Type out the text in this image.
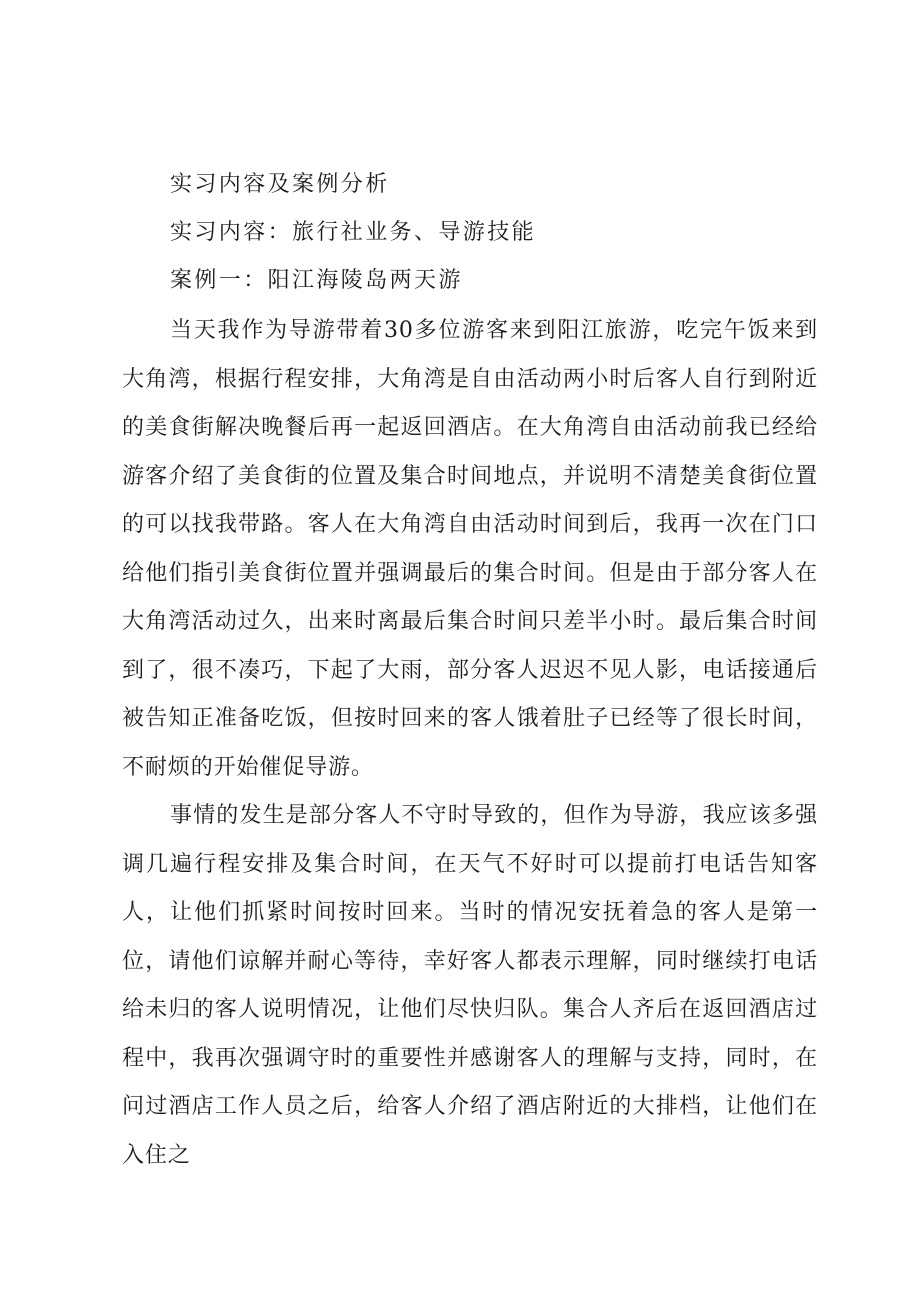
实习内容及案例分析
实习内容：旅行社业务、导游技能
案例一：阳江海陵岛两天游

当天我作为导游带着30多位游客来到阳江旅游，吃完午饭来到大角湾，根据行程安排，大角湾是自由活动两小时后客人自行到附近的美食街解决晚餐后再一起返回酒店。在大角湾自由活动前我已经给游客介绍了美食街的位置及集合时间地点，并说明不清楚美食街位置的可以找我带路。客人在大角湾自由活动时间到后，我再一次在门口给他们指引美食街位置并强调最后的集合时间。但是由于部分客人在大角湾活动过久，出来时离最后集合时间只差半小时。最后集合时间到了，很不凑巧，下起了大雨，部分客人迟迟不见人影，电话接通后被告知正准备吃饭，但按时回来的客人饿着肚子已经等了很长时间，不耐烦的开始催促导游。

事情的发生是部分客人不守时导致的，但作为导游，我应该多强调几遍行程安排及集合时间，在天气不好时可以提前打电话告知客人，让他们抓紧时间按时回来。当时的情况安抚着急的客人是第一位，请他们谅解并耐心等待，幸好客人都表示理解，同时继续打电话给未归的客人说明情况，让他们尽快归队。集合人齐后在返回酒店过程中，我再次强调守时的重要性并感谢客人的理解与支持，同时，在问过酒店工作人员之后，给客人介绍了酒店附近的大排档，让他们在入住之
